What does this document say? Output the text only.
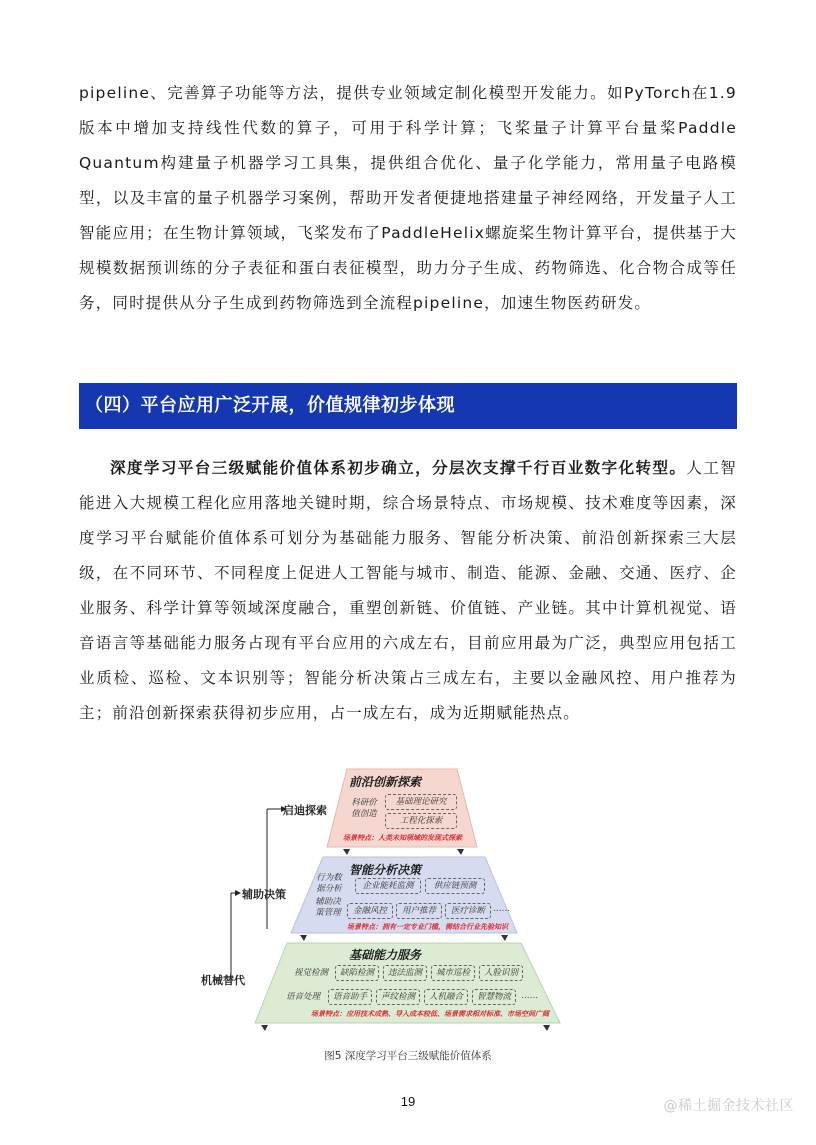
pipeline、完善算子功能等方法，提供专业领域定制化模型开发能力。如PyTorch在1.9版本中增加支持线性代数的算子，可用于科学计算；飞桨量子计算平台量桨Paddle Quantum构建量子机器学习工具集，提供组合优化、量子化学能力，常用量子电路模型，以及丰富的量子机器学习案例，帮助开发者便捷地搭建量子神经网络，开发量子人工智能应用；在生物计算领域，飞桨发布了PaddleHelix螺旋桨生物计算平台，提供基于大规模数据预训练的分子表征和蛋白表征模型，助力分子生成、药物筛选、化合物合成等任务，同时提供从分子生成到药物筛选到全流程pipeline，加速生物医药研发。

（四）平台应用广泛开展，价值规律初步体现

深度学习平台三级赋能价值体系初步确立，分层次支撑千行百业数字化转型。人工智能进入大规模工程化应用落地关键时期，综合场景特点、市场规模、技术难度等因素，深度学习平台赋能价值体系可划分为基础能力服务、智能分析决策、前沿创新探索三大层级，在不同环节、不同程度上促进人工智能与城市、制造、能源、金融、交通、医疗、企业服务、科学计算等领域深度融合，重塑创新链、价值链、产业链。其中计算机视觉、语音语言等基础能力服务占现有平台应用的六成左右，目前应用最为广泛，典型应用包括工业质检、巡检、文本识别等；智能分析决策占三成左右，主要以金融风控、用户推荐为主；前沿创新探索获得初步应用，占一成左右，成为近期赋能热点。

启迪探索
辅助决策
机械替代
前沿创新探索
科研价值创造
基础理论研究
工程化探索
场景特点：人类未知领域的发现式探索
智能分析决策
行为数据分析	企业能耗监测	供应链预测
辅助决策管理	金融风控	用户推荐	医疗诊断 ......
场景特点：拥有一定专业门槛，需结合行业先验知识
基础能力服务
视觉检测	缺陷检测	违法监测	城市巡检	人脸识别
语音处理	语音助手	声纹检测	人机融合	智慧物流	......
场景特点：应用技术成熟、导入成本较低、场景需求相对标准、市场空间广阔
图5 深度学习平台三级赋能价值体系
19	@稀土掘金技术社区
